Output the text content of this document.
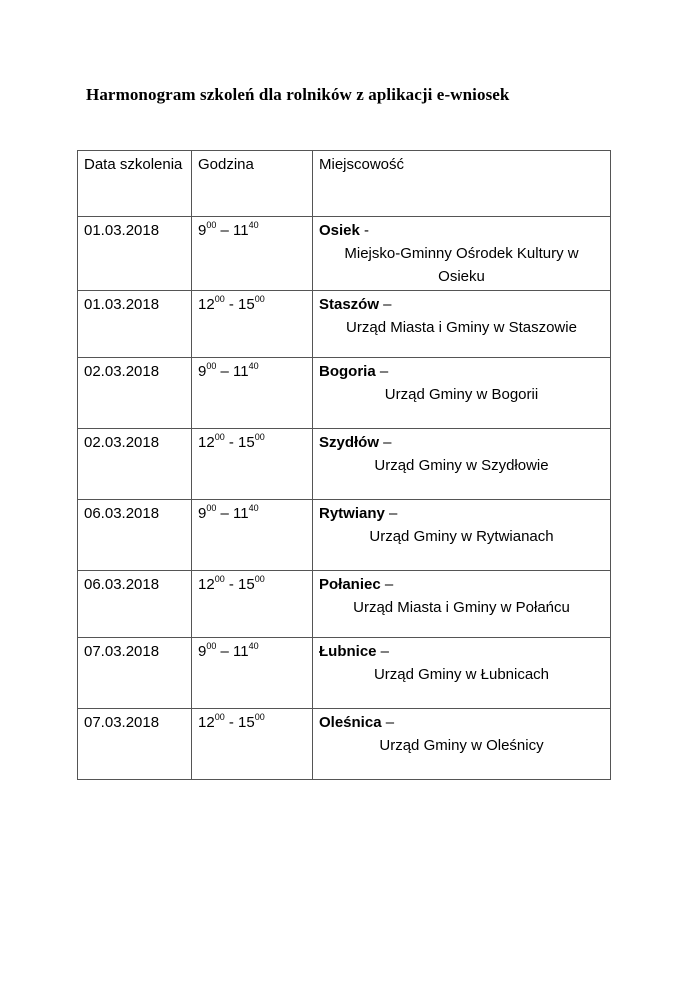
Harmonogram szkoleń dla rolników z aplikacji e-wniosek
Data szkolenia	Godzina	Miejscowość
01.03.2018	$9^{00} - 11^{40}$	Osiek -
Miejsko-Gminny Ośrodek Kultury w Osieku

01.03.2018	$12^{00} - 15^{00}$	Staszów –
Urząd Miasta i Gminy w Staszowie

02.03.2018	$9^{00} - 11^{40}$	Bogoria –
Urząd Gminy w Bogorii

02.03.2018	$12^{00} - 15^{00}$	Szydłów –
Urząd Gminy w Szydłowie

06.03.2018	$9^{00} - 11^{40}$	Rytwiany –
Urząd Gminy w Rytwianach

06.03.2018	$12^{00} - 15^{00}$	Połaniec –
Urząd Miasta i Gminy w Połańcu

07.03.2018	$9^{00} - 11^{40}$	Łubnice –
Urząd Gminy w Łubnicach

07.03.2018	$12^{00} - 15^{00}$	Oleśnica –
Urząd Gminy w Oleśnicy
